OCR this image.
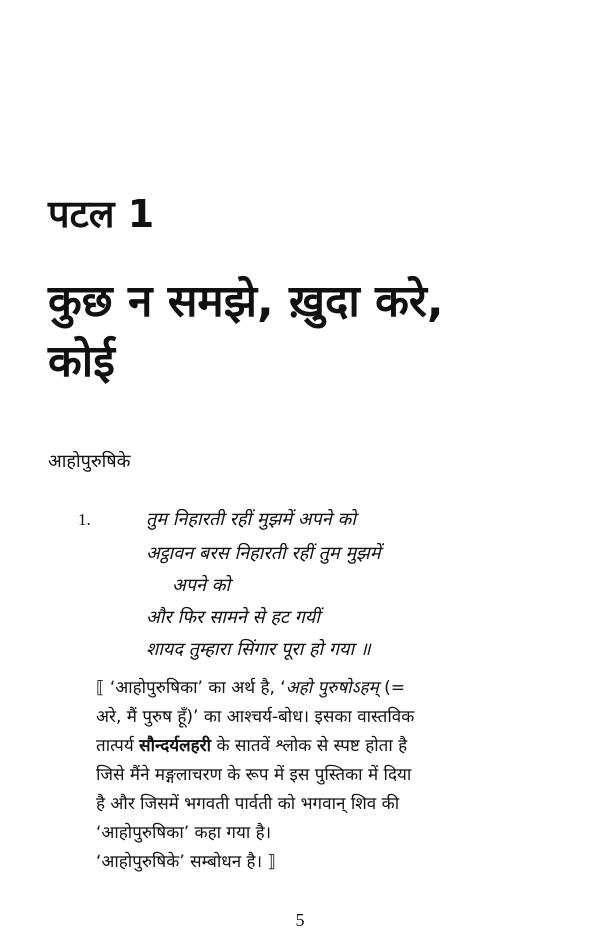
पटल 1
कुछ न समझे, ख़ुदा करे,
कोई
आहोपुरुषिके
1.	तुम निहारती रहीं मुझमें अपने को
अट्ठावन बरस निहारती रहीं तुम मुझमें
अपने को
और फिर सामने से हट गयीं
शायद तुम्हारा सिंगार पूरा हो गया ॥
⟦ ‘आहोपुरुषिका’ का अर्थ है, ‘अहो पुरुषोऽहम् (=
अरे, मैं पुरुष हूँ)’ का आश्चर्य-बोध। इसका वास्तविक
तात्पर्य सौन्दर्यलहरी के सातवें श्लोक से स्पष्ट होता है
जिसे मैंने मङ्गलाचरण के रूप में इस पुस्तिका में दिया
है और जिसमें भगवती पार्वती को भगवान् शिव की
‘आहोपुरुषिका’ कहा गया है।
‘आहोपुरुषिके’ सम्बोधन है। ⟧
5
